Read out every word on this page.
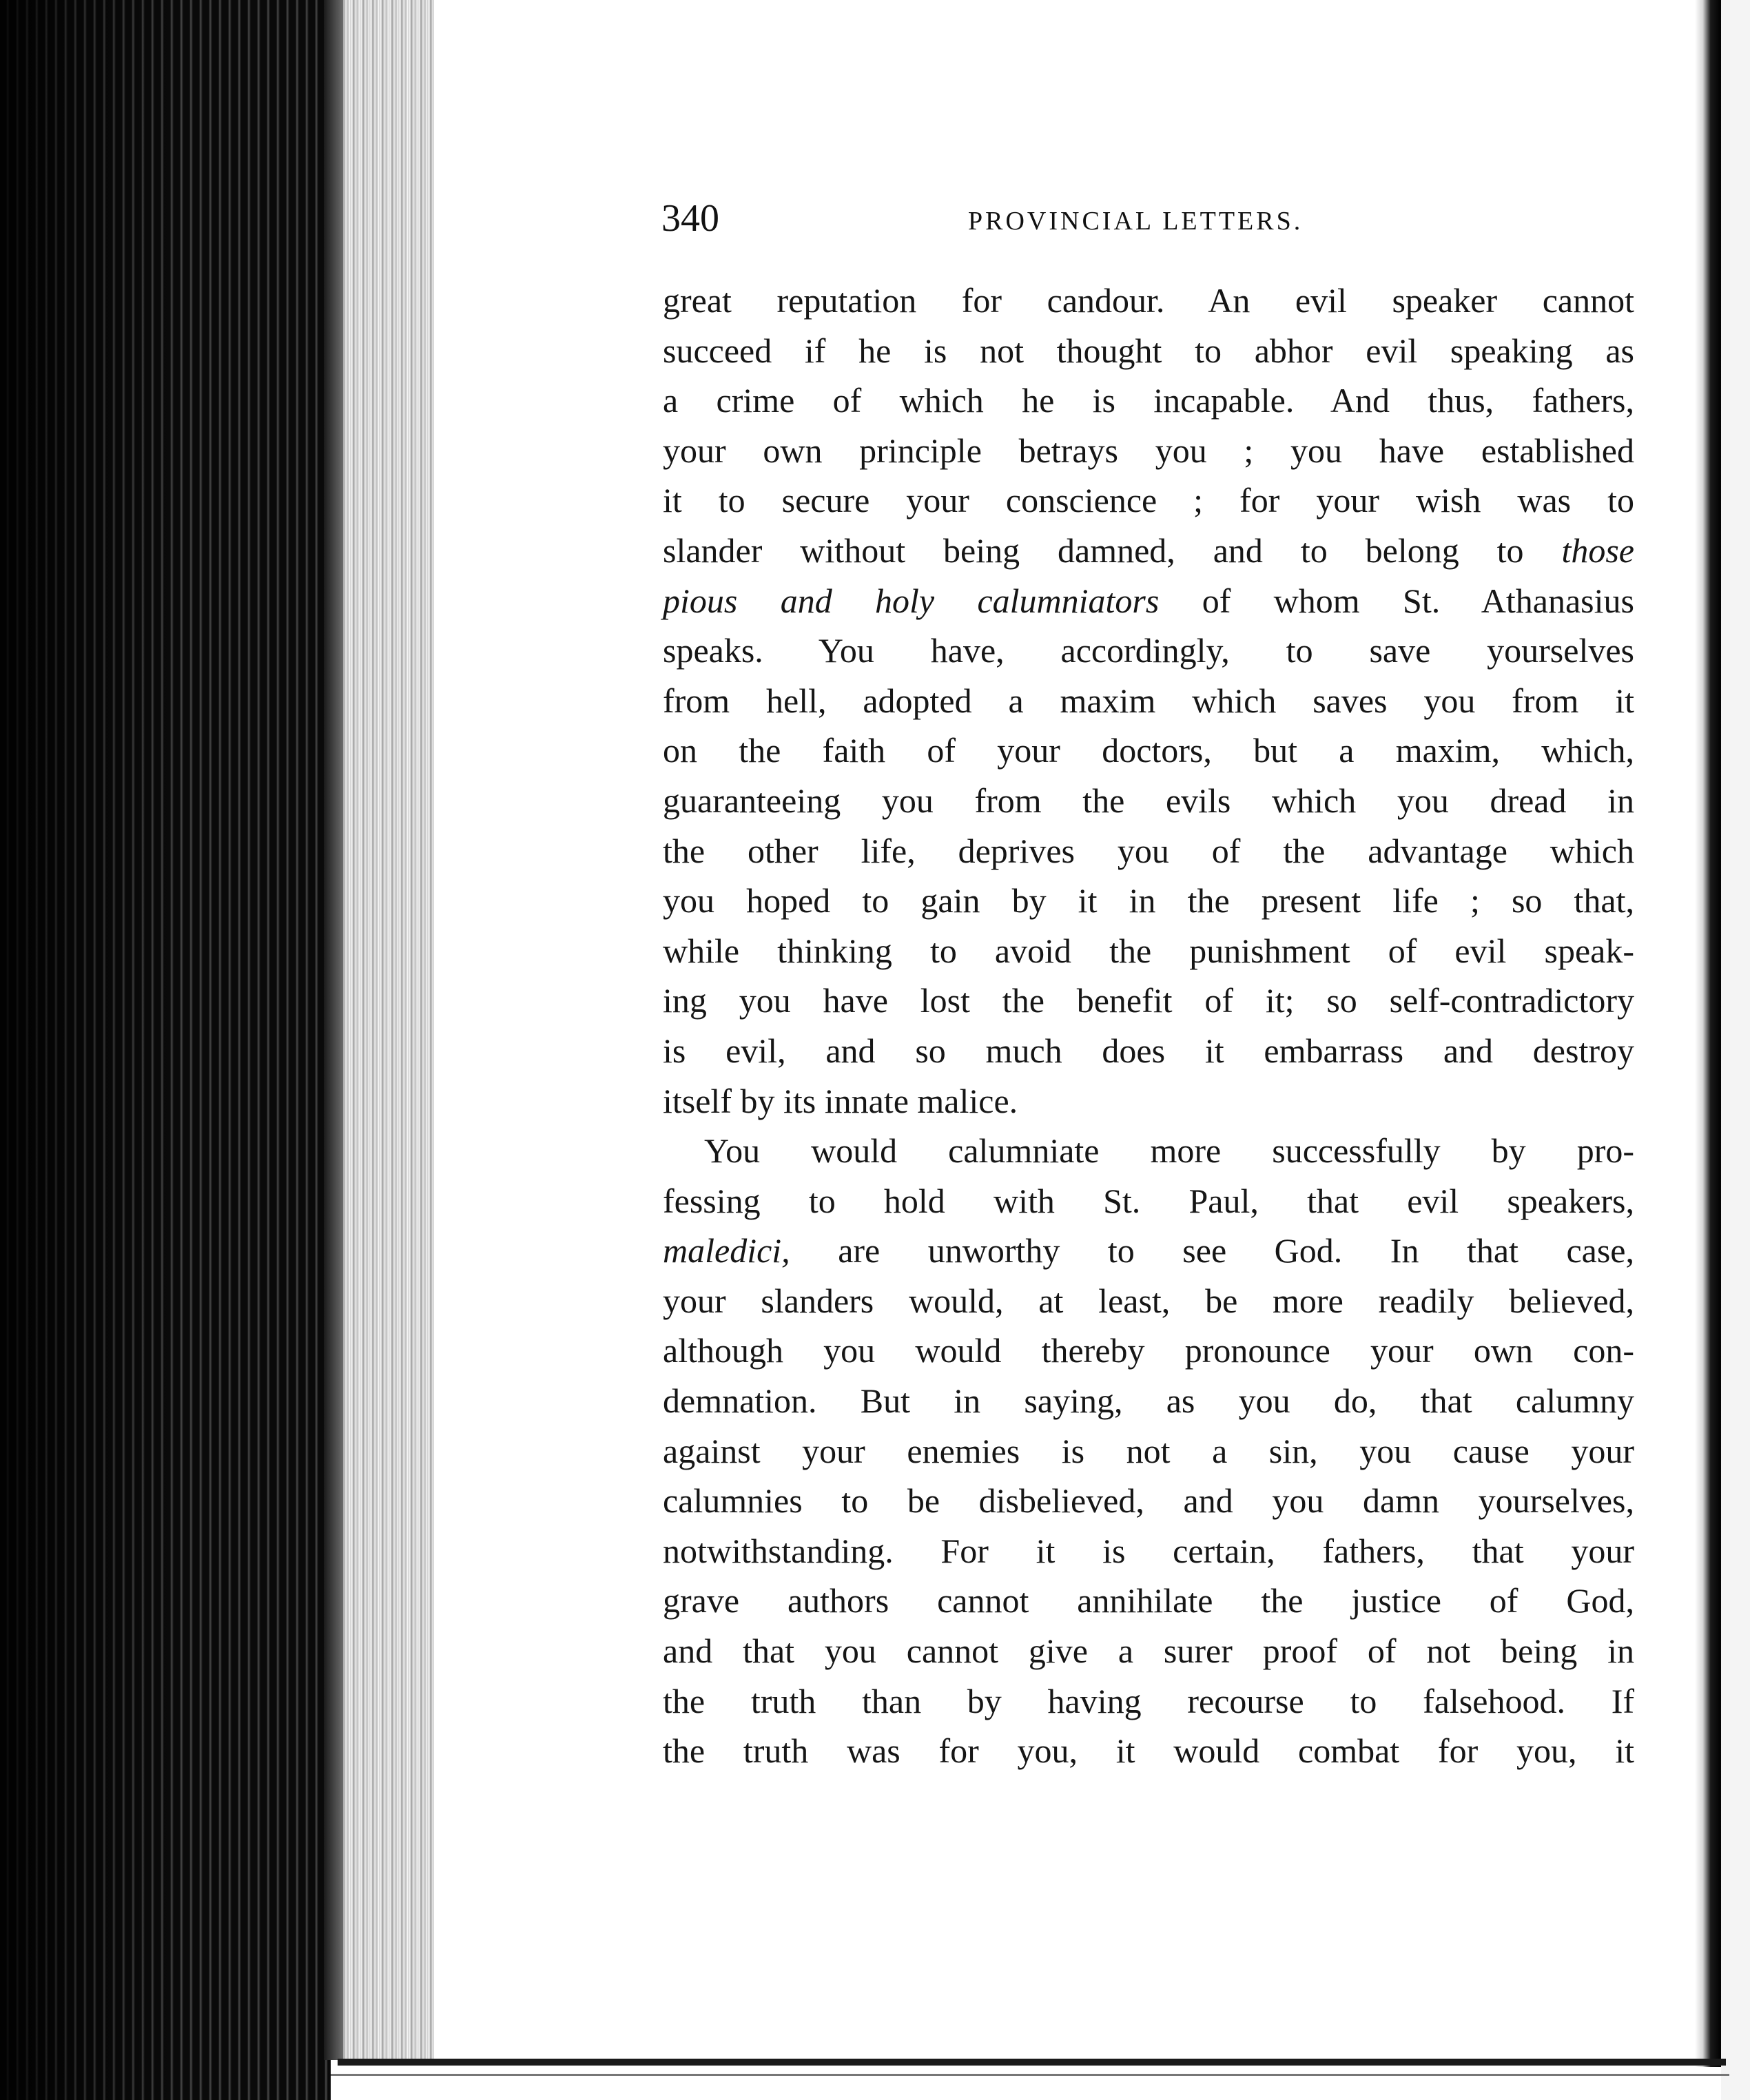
340	PROVINCIAL LETTERS.
great reputation for candour. An evil speaker cannot
succeed if he is not thought to abhor evil speaking as
a crime of which he is incapable. And thus, fathers,
your own principle betrays you ; you have established
it to secure your conscience ; for your wish was to
slander without being damned, and to belong to those
pious and holy calumniators of whom St. Athanasius
speaks. You have, accordingly, to save yourselves
from hell, adopted a maxim which saves you from it
on the faith of your doctors, but a maxim, which,
guaranteeing you from the evils which you dread in
the other life, deprives you of the advantage which
you hoped to gain by it in the present life ; so that,
while thinking to avoid the punishment of evil speak-
ing you have lost the benefit of it; so self-contradictory
is evil, and so much does it embarrass and destroy
itself by its innate malice.
You would calumniate more successfully by pro-
fessing to hold with St. Paul, that evil speakers,
maledici, are unworthy to see God. In that case,
your slanders would, at least, be more readily believed,
although you would thereby pronounce your own con-
demnation. But in saying, as you do, that calumny
against your enemies is not a sin, you cause your
calumnies to be disbelieved, and you damn yourselves,
notwithstanding. For it is certain, fathers, that your
grave authors cannot annihilate the justice of God,
and that you cannot give a surer proof of not being in
the truth than by having recourse to falsehood. If
the truth was for you, it would combat for you, it
